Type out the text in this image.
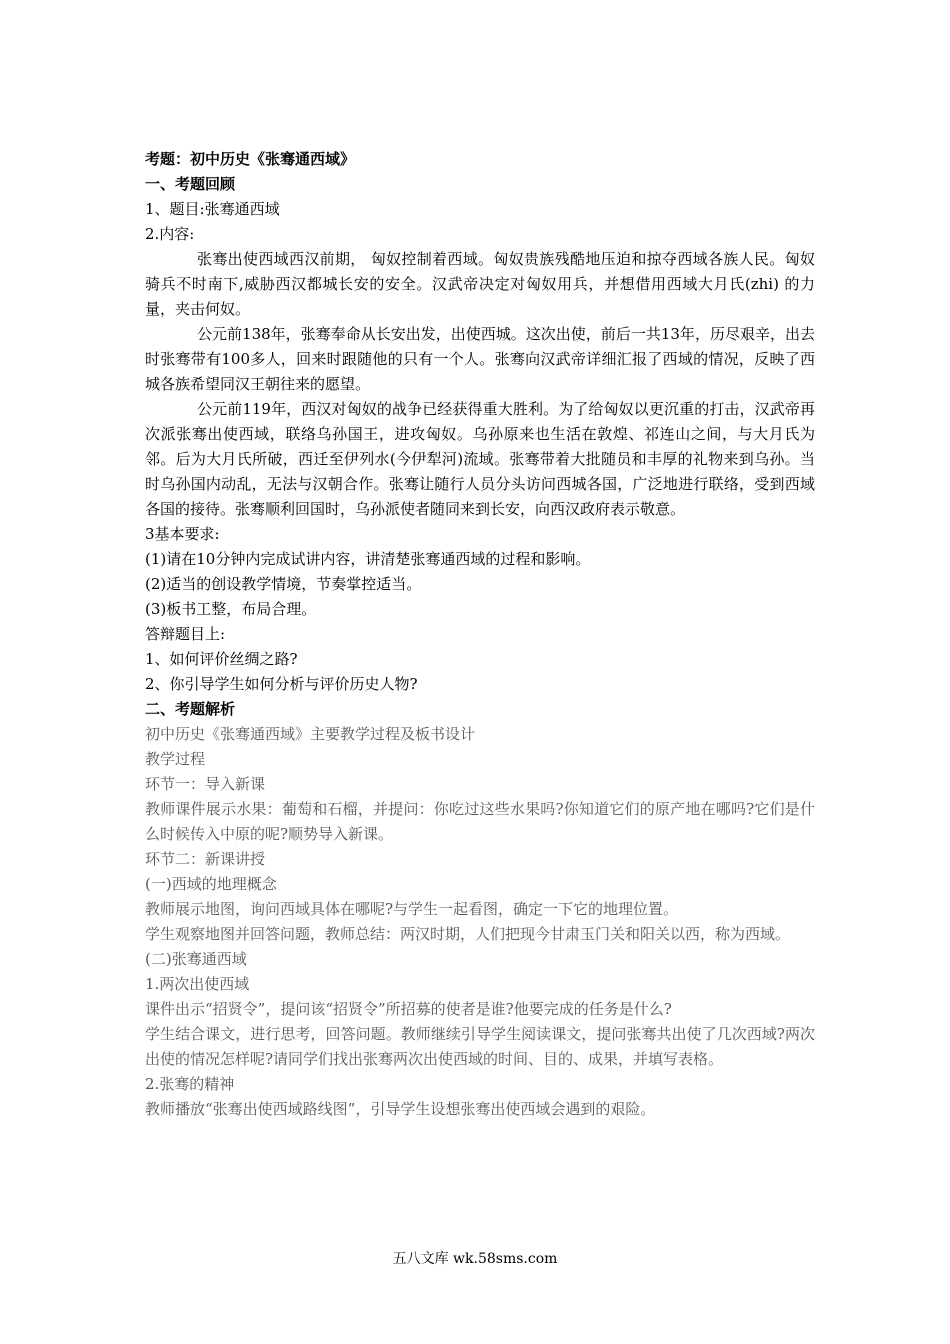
考题：初中历史《张骞通西域》

一、考题回顾

1、题目:张骞通西域

2.内容:

张骞出使西域西汉前期， 匈奴控制着西域。匈奴贵族残酷地压迫和掠夺西域各族人民。匈奴骑兵不时南下,威胁西汉都城长安的安全。汉武帝决定对匈奴用兵，并想借用西域大月氏(zhi) 的力量，夹击何奴。

公元前138年，张骞奉命从长安出发，出使西城。这次出使，前后一共13年，历尽艰辛，出去时张骞带有100多人，回来时跟随他的只有一个人。张骞向汉武帝详细汇报了西域的情况，反映了西城各族希望同汉王朝往来的愿望。

公元前119年，西汉对匈奴的战争已经获得重大胜利。为了给匈奴以更沉重的打击，汉武帝再次派张骞出使西域，联络乌孙国王，进攻匈奴。乌孙原来也生活在敦煌、祁连山之间，与大月氏为邻。后为大月氏所破，西迁至伊列水(今伊犁河)流域。张骞带着大批随员和丰厚的礼物来到乌孙。当时乌孙国内动乱，无法与汉朝合作。张骞让随行人员分头访问西城各国，广泛地进行联络，受到西域各国的接待。张骞顺利回国时，乌孙派使者随同来到长安，向西汉政府表示敬意。

3基本要求:

(1)请在10分钟内完成试讲内容，讲清楚张骞通西域的过程和影响。

(2)适当的创设教学情境，节奏掌控适当。

(3)板书工整，布局合理。

答辩题目上:

1、如何评价丝绸之路?

2、你引导学生如何分析与评价历史人物?

二、考题解析

初中历史《张骞通西域》主要教学过程及板书设计

教学过程

环节一：导入新课

教师课件展示水果：葡萄和石榴，并提问：你吃过这些水果吗?你知道它们的原产地在哪吗?它们是什么时候传入中原的呢?顺势导入新课。

环节二：新课讲授

(一)西域的地理概念

教师展示地图，询问西域具体在哪呢?与学生一起看图，确定一下它的地理位置。

学生观察地图并回答问题，教师总结：两汉时期，人们把现今甘肃玉门关和阳关以西，称为西域。

(二)张骞通西域

1.两次出使西域

课件出示“招贤令”，提问该“招贤令”所招募的使者是谁?他要完成的任务是什么?

学生结合课文，进行思考，回答问题。教师继续引导学生阅读课文，提问张骞共出使了几次西域?两次出使的情况怎样呢?请同学们找出张骞两次出使西域的时间、目的、成果，并填写表格。

2.张骞的精神

教师播放“张骞出使西域路线图”，引导学生设想张骞出使西域会遇到的艰险。

五八文库 wk.58sms.com
